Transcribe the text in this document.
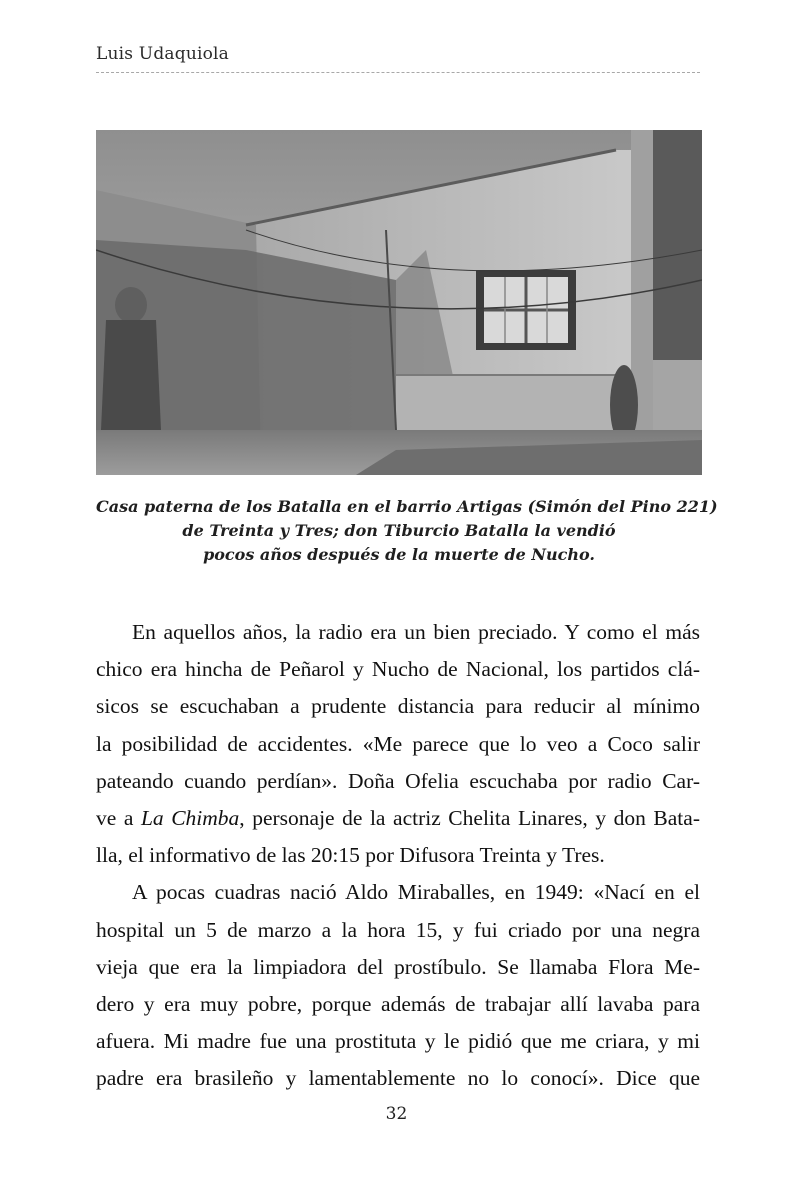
Luis Udaquiola
Casa paterna de los Batalla en el barrio Artigas (Simón del Pino 221)
de Treinta y Tres; don Tiburcio Batalla la vendió
pocos años después de la muerte de Nucho.

En aquellos años, la radio era un bien preciado. Y como el más
chico era hincha de Peñarol y Nucho de Nacional, los partidos clá-
sicos se escuchaban a prudente distancia para reducir al mínimo
la posibilidad de accidentes. «Me parece que lo veo a Coco salir
pateando cuando perdían». Doña Ofelia escuchaba por radio Car-
ve a La Chimba, personaje de la actriz Chelita Linares, y don Bata-
lla, el informativo de las 20:15 por Difusora Treinta y Tres.

A pocas cuadras nació Aldo Miraballes, en 1949: «Nací en el
hospital un 5 de marzo a la hora 15, y fui criado por una negra
vieja que era la limpiadora del prostíbulo. Se llamaba Flora Me-
dero y era muy pobre, porque además de trabajar allí lavaba para
afuera. Mi madre fue una prostituta y le pidió que me criara, y mi
padre era brasileño y lamentablemente no lo conocí». Dice que

32
